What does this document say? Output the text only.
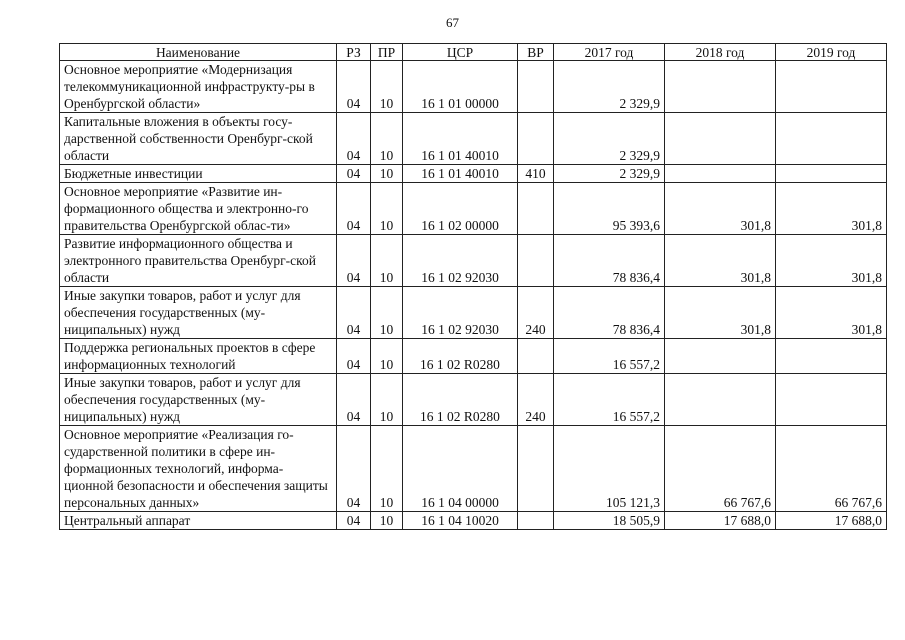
67
Наименование	РЗ	ПР	ЦСР	ВР	2017 год	2018 год	2019 год
Основное мероприятие «Модернизация телекоммуникационной инфраструкту-ры в Оренбургской области»	04	10	16 1 01 00000		2 329,9		
Капитальные вложения в объекты госу-дарственной собственности Оренбург-ской области	04	10	16 1 01 40010		2 329,9		
Бюджетные инвестиции	04	10	16 1 01 40010	410	2 329,9		
Основное мероприятие «Развитие ин-формационного общества и электронно-го правительства Оренбургской облас-ти»	04	10	16 1 02 00000		95 393,6	301,8	301,8
Развитие информационного общества и электронного правительства Оренбург-ской области	04	10	16 1 02 92030		78 836,4	301,8	301,8
Иные закупки товаров, работ и услуг для обеспечения государственных (му-ниципальных) нужд	04	10	16 1 02 92030	240	78 836,4	301,8	301,8
Поддержка региональных проектов в сфере информационных технологий	04	10	16 1 02 R0280		16 557,2		
Иные закупки товаров, работ и услуг для обеспечения государственных (му-ниципальных) нужд	04	10	16 1 02 R0280	240	16 557,2		
Основное мероприятие «Реализация го-сударственной политики в сфере ин-формационных технологий, информа-ционной безопасности и обеспечения защиты персональных данных»	04	10	16 1 04 00000		105 121,3	66 767,6	66 767,6
Центральный аппарат	04	10	16 1 04 10020		18 505,9	17 688,0	17 688,0
